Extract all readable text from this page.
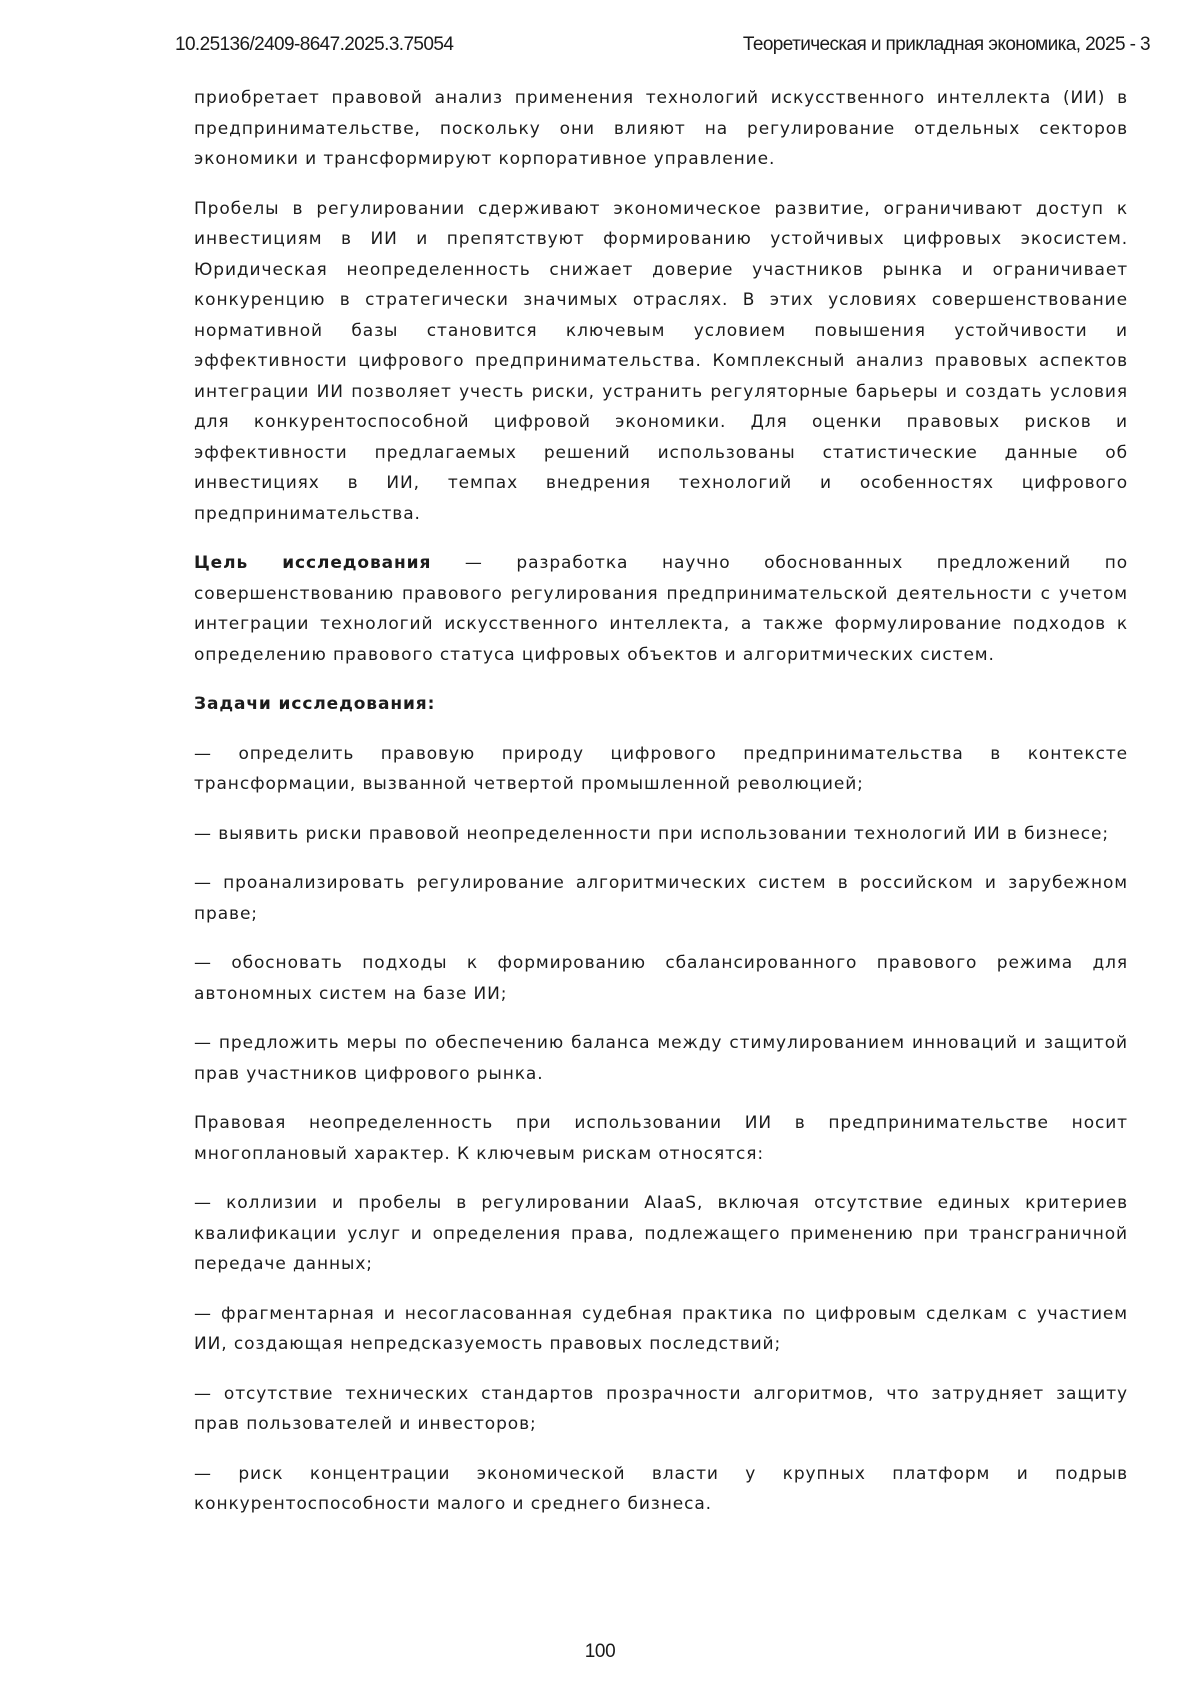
10.25136/2409-8647.2025.3.75054	Теоретическая и прикладная экономика, 2025 - 3

приобретает правовой анализ применения технологий искусственного интеллекта (ИИ) в предпринимательстве, поскольку они влияют на регулирование отдельных секторов экономики и трансформируют корпоративное управление.

Пробелы в регулировании сдерживают экономическое развитие, ограничивают доступ к инвестициям в ИИ и препятствуют формированию устойчивых цифровых экосистем. Юридическая неопределенность снижает доверие участников рынка и ограничивает конкуренцию в стратегически значимых отраслях. В этих условиях совершенствование нормативной базы становится ключевым условием повышения устойчивости и эффективности цифрового предпринимательства. Комплексный анализ правовых аспектов интеграции ИИ позволяет учесть риски, устранить регуляторные барьеры и создать условия для конкурентоспособной цифровой экономики. Для оценки правовых рисков и эффективности предлагаемых решений использованы статистические данные об инвестициях в ИИ, темпах внедрения технологий и особенностях цифрового предпринимательства.

Цель исследования — разработка научно обоснованных предложений по совершенствованию правового регулирования предпринимательской деятельности с учетом интеграции технологий искусственного интеллекта, а также формулирование подходов к определению правового статуса цифровых объектов и алгоритмических систем.

Задачи исследования:

— определить правовую природу цифрового предпринимательства в контексте трансформации, вызванной четвертой промышленной революцией;

— выявить риски правовой неопределенности при использовании технологий ИИ в бизнесе;

— проанализировать регулирование алгоритмических систем в российском и зарубежном праве;

— обосновать подходы к формированию сбалансированного правового режима для автономных систем на базе ИИ;

— предложить меры по обеспечению баланса между стимулированием инноваций и защитой прав участников цифрового рынка.

Правовая неопределенность при использовании ИИ в предпринимательстве носит многоплановый характер. К ключевым рискам относятся:

— коллизии и пробелы в регулировании AIaaS, включая отсутствие единых критериев квалификации услуг и определения права, подлежащего применению при трансграничной передаче данных;

— фрагментарная и несогласованная судебная практика по цифровым сделкам с участием ИИ, создающая непредсказуемость правовых последствий;

— отсутствие технических стандартов прозрачности алгоритмов, что затрудняет защиту прав пользователей и инвесторов;

— риск концентрации экономической власти у крупных платформ и подрыв конкурентоспособности малого и среднего бизнеса.

100
